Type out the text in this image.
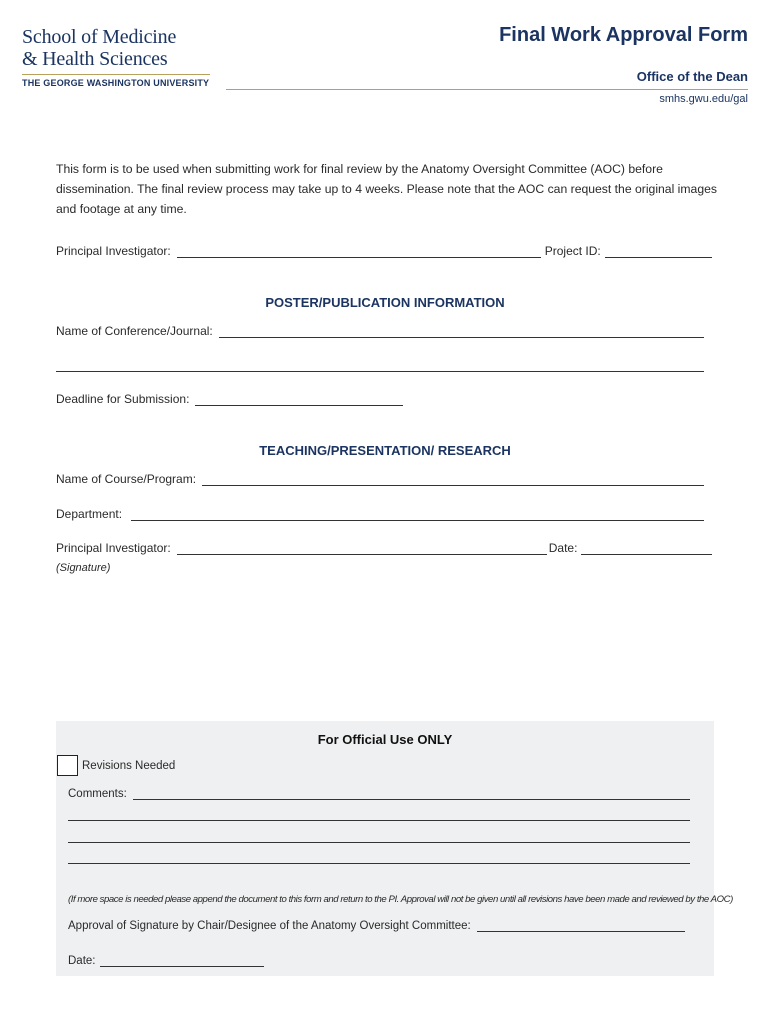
School of Medicine
& Health Sciences
THE GEORGE WASHINGTON UNIVERSITY
Final Work Approval Form
Office of the Dean
smhs.gwu.edu/gal
This form is to be used when submitting work for final review by the Anatomy Oversight Committee (AOC) before dissemination. The final review process may take up to 4 weeks. Please note that the AOC can request the original images and footage at any time.
Principal Investigator:	Project ID:
POSTER/PUBLICATION INFORMATION
Name of Conference/Journal:
Deadline for Submission:
TEACHING/PRESENTATION/ RESEARCH
Name of Course/Program:
Department:
Principal Investigator:	Date:
(Signature)
For Official Use ONLY
Revisions Needed
Comments:
(If more space is needed please append the document to this form and return to the PI. Approval will not be given until all revisions have been made and reviewed by the AOC)
Approval of Signature by Chair/Designee of the Anatomy Oversight Committee:
Date:
